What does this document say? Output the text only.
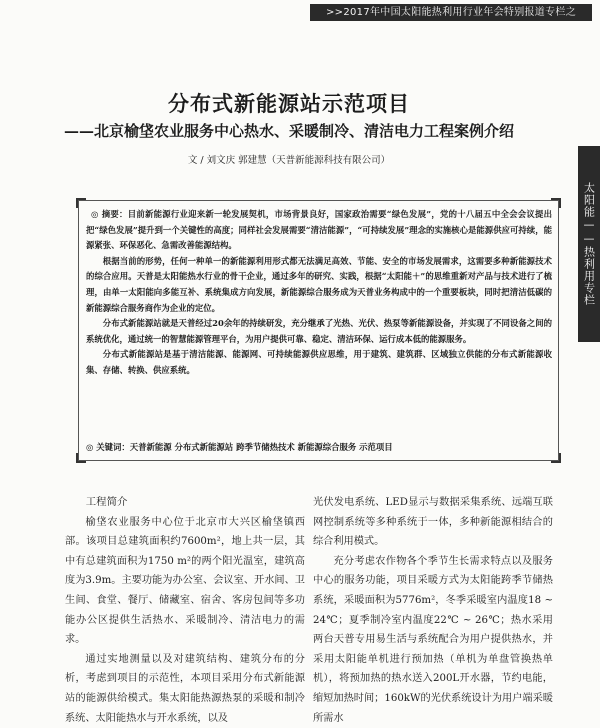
>>2017年中国太阳能热利用行业年会特别报道专栏之
太阳能——热利用专栏
分布式新能源站示范项目
——北京榆垡农业服务中心热水、采暖制冷、清洁电力工程案例介绍
文 / 刘文庆 郭建慧（天普新能源科技有限公司）

◎ 摘要：目前新能源行业迎来新一轮发展契机，市场背景良好，国家政治需要“绿色发展”，党的十八届五中全会会议提出把“绿色发展”提升到一个关键性的高度；同样社会发展需要“清洁能源”，“可持续发展”理念的实施核心是能源供应可持续，能源紧张、环保恶化、急需改善能源结构。

根据当前的形势，任何一种单一的新能源利用形式都无法满足高效、节能、安全的市场发展需求，这需要多种新能源技术的综合应用。天普是太阳能热水行业的骨干企业，通过多年的研究、实践，根据“太阳能＋”的思维重新对产品与技术进行了梳理，由单一太阳能向多能互补、系统集成方向发展，新能源综合服务成为天普业务构成中的一个重要板块，同时把清洁低碳的新能源综合服务商作为企业的定位。

分布式新能源站就是天普经过20余年的持续研发，充分继承了光热、光伏、热泵等新能源设备，并实现了不同设备之间的系统优化，通过统一的智慧能源管理平台，为用户提供可靠、稳定、清洁环保、运行成本低的能源服务。

分布式新能源站是基于清洁能源、能源网、可持续能源供应思维，用于建筑、建筑群、区域独立供能的分布式新能源收集、存储、转换、供应系统。

◎ 关键词：天普新能源 分布式新能源站 跨季节储热技术 新能源综合服务 示范项目

工程简介

榆垡农业服务中心位于北京市大兴区榆垡镇西部。该项目总建筑面积约7600m²，地上共一层，其中有总建筑面积为1750 m²的两个阳光温室，建筑高度为3.9m。主要功能为办公室、会议室、开水间、卫生间、食堂、餐厅、储藏室、宿舍、客房包间等多功能办公区提供生活热水、采暖制冷、清洁电力的需求。

通过实地测量以及对建筑结构、建筑分布的分析，考虑到项目的示范性，本项目采用分布式新能源站的能源供给模式。集太阳能热源热泵的采暖和制冷系统、太阳能热水与开水系统，以及

光伏发电系统、LED显示与数据采集系统、远端互联网控制系统等多种系统于一体，多种新能源相结合的综合利用模式。

充分考虑农作物各个季节生长需求特点以及服务中心的服务功能，项目采暖方式为太阳能跨季节储热系统，采暖面积为5776m²，冬季采暖室内温度18 ~ 24℃；夏季制冷室内温度22℃ ~ 26℃；热水采用两台天普专用易生活与系统配合为用户提供热水，并采用太阳能单机进行预加热（单机为单盘管换热单机），将预加热的热水送入200L开水器，节约电能，缩短加热时间；160kW的光伏系统设计为用户端采暖所需水
